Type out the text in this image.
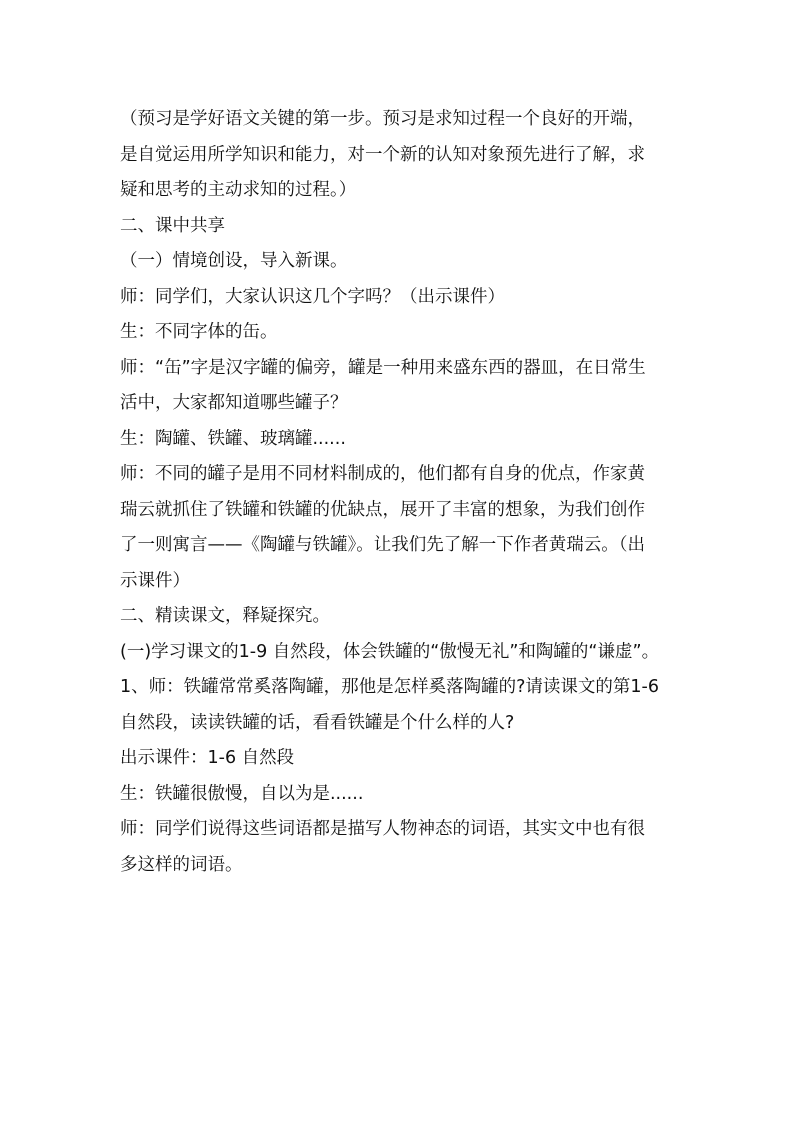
（预习是学好语文关键的第一步。预习是求知过程一个良好的开端，
是自觉运用所学知识和能力，对一个新的认知对象预先进行了解，求
疑和思考的主动求知的过程。）
二、课中共享
（一）情境创设，导入新课。
师：同学们，大家认识这几个字吗？（出示课件）
生：不同字体的缶。
师：“缶”字是汉字罐的偏旁，罐是一种用来盛东西的器皿，在日常生
活中，大家都知道哪些罐子？
生：陶罐、铁罐、玻璃罐......
师：不同的罐子是用不同材料制成的，他们都有自身的优点，作家黄
瑞云就抓住了铁罐和铁罐的优缺点，展开了丰富的想象，为我们创作
了一则寓言——《陶罐与铁罐》。让我们先了解一下作者黄瑞云。（出
示课件）
二、精读课文，释疑探究。
(一)学习课文的1-9 自然段，体会铁罐的“傲慢无礼”和陶罐的“谦虚”。
1、师：铁罐常常奚落陶罐，那他是怎样奚落陶罐的?请读课文的第1-6
自然段，读读铁罐的话，看看铁罐是个什么样的人?
出示课件：1-6 自然段
生：铁罐很傲慢，自以为是......
师：同学们说得这些词语都是描写人物神态的词语，其实文中也有很
多这样的词语。
